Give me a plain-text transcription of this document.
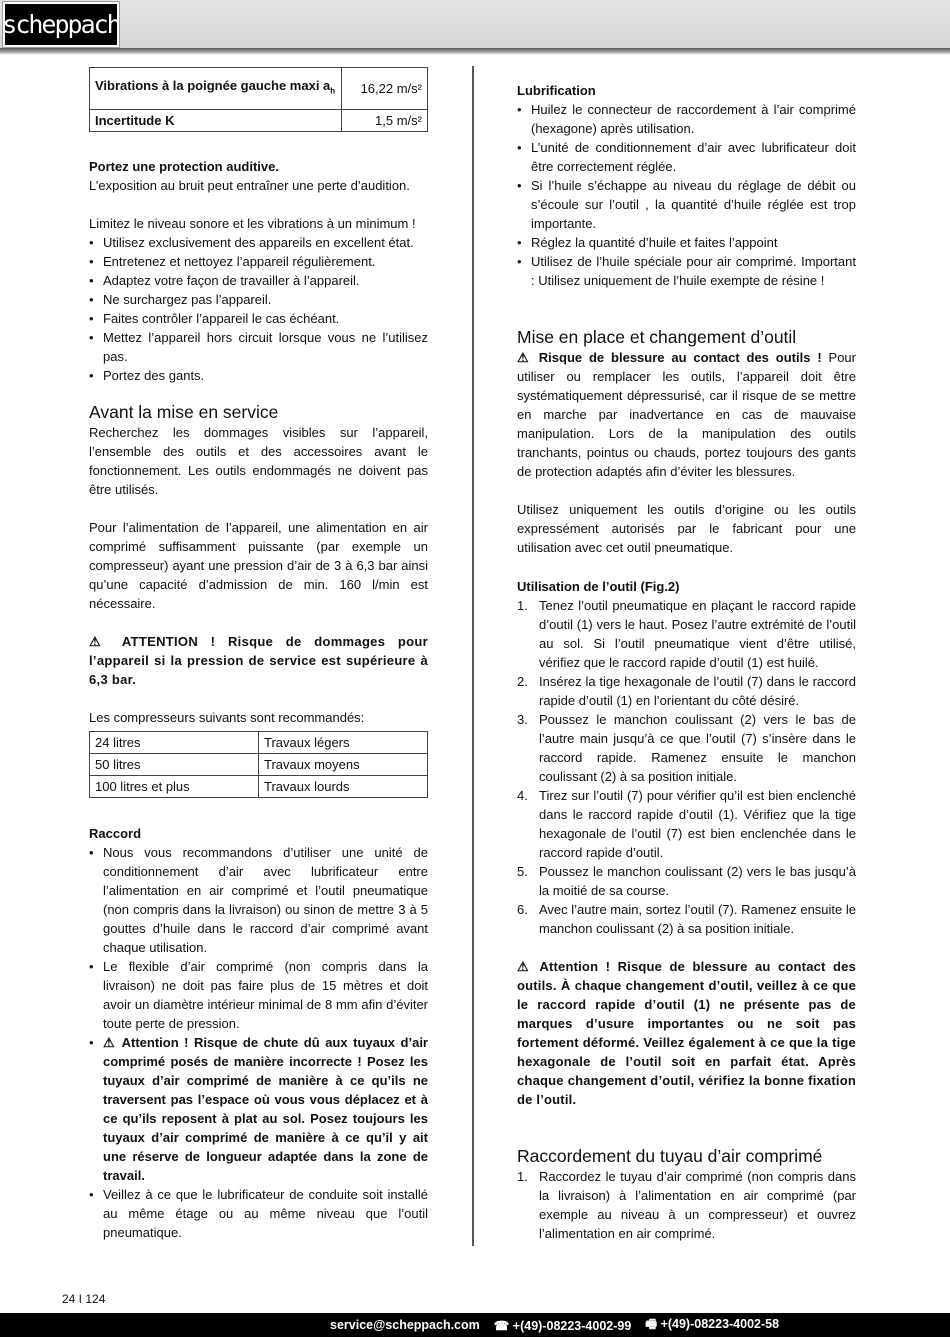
scheppach
Vibrations à la poignée gauche maxi $a_h$	16,22 m/s²
Incertitude K	1,5 m/s²
Portez une protection auditive.

L’exposition au bruit peut entraîner une perte d’audition.

Limitez le niveau sonore et les vibrations à un minimum !

• Utilisez exclusivement des appareils en excellent état.
• Entretenez et nettoyez l’appareil régulièrement.
• Adaptez votre façon de travailler à l’appareil.
• Ne surchargez pas l’appareil.
• Faites contrôler l’appareil le cas échéant.
• Mettez l’appareil hors circuit lorsque vous ne l’utilisez pas.
• Portez des gants.
Avant la mise en service

Recherchez les dommages visibles sur l’appareil, l’ensemble des outils et des accessoires avant le fonctionnement. Les outils endommagés ne doivent pas être utilisés.

Pour l’alimentation de l’appareil, une alimentation en air comprimé suffisamment puissante (par exemple un compresseur) ayant une pression d’air de 3 à 6,3 bar ainsi qu’une capacité d’admission de min. 160 l/min est nécessaire.

⚠ ATTENTION ! Risque de dommages pour l’appareil si la pression de service est supérieure à 6,3 bar.

Les compresseurs suivants sont recommandés:

24 litres	Travaux légers
50 litres	Travaux moyens
100 litres et plus	Travaux lourds
Raccord
• Nous vous recommandons d’utiliser une unité de conditionnement d’air avec lubrificateur entre l’alimentation en air comprimé et l’outil pneumatique (non compris dans la livraison) ou sinon de mettre 3 à 5 gouttes d’huile dans le raccord d’air comprimé avant chaque utilisation.
• Le flexible d’air comprimé (non compris dans la livraison) ne doit pas faire plus de 15 mètres et doit avoir un diamètre intérieur minimal de 8 mm afin d’éviter toute perte de pression.
• ⚠ Attention ! Risque de chute dû aux tuyaux d’air comprimé posés de manière incorrecte ! Posez les tuyaux d’air comprimé de manière à ce qu’ils ne traversent pas l’espace où vous vous déplacez et à ce qu’ils reposent à plat au sol. Posez toujours les tuyaux d’air comprimé de manière à ce qu’il y ait une réserve de longueur adaptée dans la zone de travail.
• Veillez à ce que le lubrificateur de conduite soit installé au même étage ou au même niveau que l’outil pneumatique.
Lubrification
• Huilez le connecteur de raccordement à l’air comprimé (hexagone) après utilisation.
• L’unité de conditionnement d’air avec lubrificateur doit être correctement réglée.
• Si l’huile s’échappe au niveau du réglage de débit ou s’écoule sur l’outil , la quantité d’huile réglée est trop importante.
• Réglez la quantité d’huile et faites l’appoint
• Utilisez de l’huile spéciale pour air comprimé. Important : Utilisez uniquement de l’huile exempte de résine !
Mise en place et changement d’outil

⚠ Risque de blessure au contact des outils ! Pour utiliser ou remplacer les outils, l’appareil doit être systématiquement dépressurisé, car il risque de se mettre en marche par inadvertance en cas de mauvaise manipulation. Lors de la manipulation des outils tranchants, pointus ou chauds, portez toujours des gants de protection adaptés afin d’éviter les blessures.

Utilisez uniquement les outils d’origine ou les outils expressément autorisés par le fabricant pour une utilisation avec cet outil pneumatique.

Utilisation de l’outil (Fig.2)
1. Tenez l’outil pneumatique en plaçant le raccord rapide d’outil (1) vers le haut. Posez l’autre extrémité de l’outil au sol. Si l’outil pneumatique vient d’être utilisé, vérifiez que le raccord rapide d’outil (1) est huilé.
2. Insérez la tige hexagonale de l’outil (7) dans le raccord rapide d’outil (1) en l’orientant du côté désiré.
3. Poussez le manchon coulissant (2) vers le bas de l’autre main jusqu’à ce que l’outil (7) s’insère dans le raccord rapide. Ramenez ensuite le manchon coulissant (2) à sa position initiale.
4. Tirez sur l’outil (7) pour vérifier qu’il est bien enclenché dans le raccord rapide d’outil (1). Vérifiez que la tige hexagonale de l’outil (7) est bien enclenchée dans le raccord rapide d’outil.
5. Poussez le manchon coulissant (2) vers le bas jusqu’à la moitié de sa course.
6. Avec l’autre main, sortez l’outil (7). Ramenez ensuite le manchon coulissant (2) à sa position initiale.

⚠ Attention ! Risque de blessure au contact des outils. À chaque changement d’outil, veillez à ce que le raccord rapide d’outil (1) ne présente pas de marques d’usure importantes ou ne soit pas fortement déformé. Veillez également à ce que la tige hexagonale de l’outil soit en parfait état. Après chaque changement d’outil, vérifiez la bonne fixation de l’outil.

Raccordement du tuyau d’air comprimé
1. Raccordez le tuyau d’air comprimé (non compris dans la livraison) à l’alimentation en air comprimé (par exemple au niveau à un compresseur) et ouvrez l’alimentation en air comprimé.
24 I 124
service@scheppach.com ☎ +(49)-08223-4002-99 🖷 +(49)-08223-4002-58
